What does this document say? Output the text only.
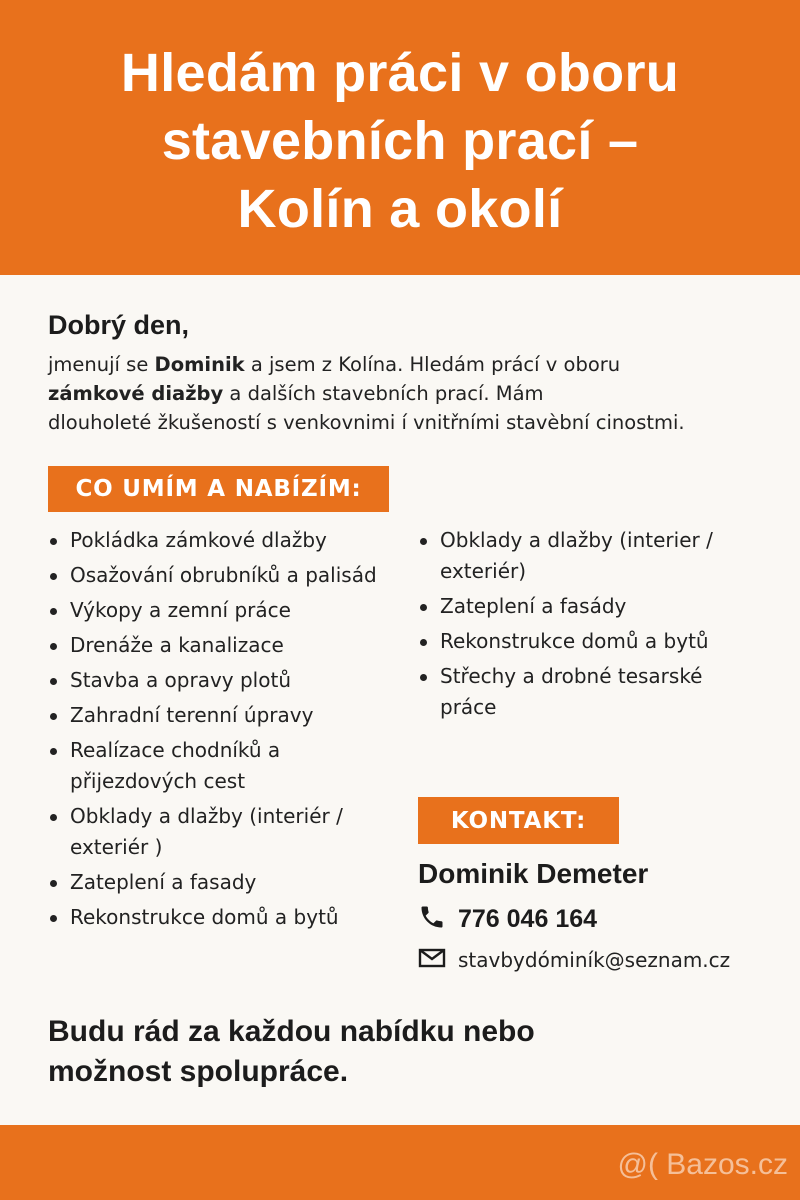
Hledám práci v oboru
stavebních prací –
Kolín a okolí
Dobrý den,
jmenují se Dominik a jsem z Kolína. Hledám prácí v oboru
zámkové diažby a dalších stavebních prací. Mám
dlouholeté žkušeností s venkovnimi í vnitřními stavèbní cinostmi.
CO UMÍM A NABÍZÍM:
Pokládka zámkové dlažby
Osažování obrubníků a palisád
Výkopy a zemní práce
Drenáže a kanalizace
Stavba a opravy plotů
Zahradní terenní úpravy
Realízace chodníků a přijezdových cest
Obklady a dlažby (interiér / exteriér )
Zateplení a fasady
Rekonstrukce domů a bytů
Obklady a dlažby (interier / exteriér)
Zateplení a fasády
Rekonstrukce domů a bytů
Střechy a drobné tesarské práce
KONTAKT:
Dominik Demeter
776 046 164
stavbydóminík@seznam.cz
Budu rád za každou nabídku nebo
možnost spolupráce.
@( Bazos.cz
